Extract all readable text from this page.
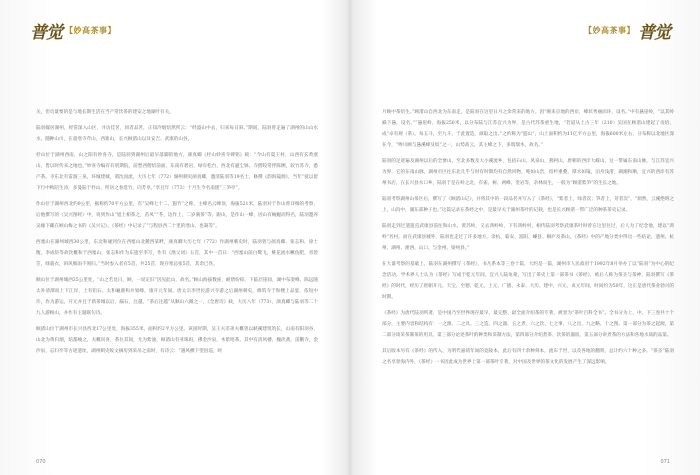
普觉 【妙高茶事】

关，但贡量要的是与地长期生活在当产常饮茶的建安之地湖叶有关。

陆羽嫁居湖州，经常深入山区，寻访佳茗，同者品茗，正知冷烟焙然所云：“经盛山中去，归来每日斜。”期间，陆羽曾走遍了湖州的山山水水，随种山川，在童寒寺芹山，西寨山，长兴顾渚山以及安吉、武康的山谷。

杼山位于湖州西南，山之阳有妙喜寺，是陆羽到湖州后最早落脚的地方，颜真卿《杼山妙喜寺碑铭》载：“今山有夏王村，山西有玄黄塞山，皆以时传来之地也。”妙喜寺编有有别期院，前塑西僧焙前面，东南有碧岩，绿有松台，西北有避尘钵。寺僧皎常伴陈侧，较竹苏寺，悉产茶。寺东北有雷涸三泉，环城建城，谓沈而流，大历七年（772）湖州刺史颜真卿，邀清陆羽等19名士，修撰《韵海镜源》，当年“爱以留下行中秋陪生涛，多曼陆于杼山，所居之春选竹。向芳阜，”享且年（773）十月生今名南建“三笋亭”。

作山位于湖州西北约9公里，据称约70平方公里，有“吴峰七十二，遐竹”之称，主峰名云峰顶，海拔521米，陆羽对于作山曾详细的考察，后他撰写的《吴兴图经》中，说到作山“旭士相茶之，苗凤”“苓，边作上，二岁满茶”等。跟山，是作山一峰，因山有蜿蜒而得名，陆羽邀养吴缘下藏在顾山梅之书的《吴兴记》。《茶经》中记录了“与程县西二十里的寒山、也凝等”。

西塞山在湖州城西30公里，东北和碰到位在西塞山北麓西某畔，颜真卿大历七年（772）作湖州刺史时，陆羽曾与颜真卿、张志和、徐士衡，李成矩等故饮概和于西塞山，张志和作为东遗至李写，作有《渔父词》五首，其中一首日：“西塞山前白鹭飞，桃花流水鳜鱼肥，青箬笠，绿蓑衣，斜风细雨不须归。”当时参入者有5首，共25首，现存寒总张5首，其余已佚。

顾山位于湖州城西35公里处，“山之若見曰，顾，一说定旧”因见此山，故名。”顾山海拔数座，峡碧纷掠，下临层崖间，湖中布澄峰，陈远随太补清潭而上下江岸，上有铅石，太和龜鹿和并划峰，康开元年间，唐太宗李世民游兴寺游之后湖州刺史，修筑寺于和楼上品宴，依短中许，作为游运，开元并且于新茶城以后，漏石，注越，“茶后注越”从顺山六阁之一，《全唐诗》载，大历八年（773），颜真卿与陆羽等二十九人游顾山，并作有主题联句诗。

顾渚山位于湖州市长兴县西北17公里处，海拔355米，面积约2平方公里。该国时期，吴王夫差弟夫概曾以峡溪建筑筑长，山南有阳羽谷，山北为黄归烟，焙都峻之，夫概问喜，茶住其间，尤为紫油，顾渚山有亚珠吗，佛金沙泉，木紫唔茶。其中有清风楼，槐淡斋，雷鹏寺，金沙泉，忘归亭等古迹遗址，湖州刺史蛟文摘房到采吊之南时，有诗云：“遇风横下望因巡，时

070
【妙高茶事】 普觉

月映中茶焙生。”顾渚山自西北为东南走，是陆羽在这里日月之余常来的地方。因“刚来京地的西岸，峰状秀丽而环，设名。”中有悬崖岭，“以其岭巅下悬，设名。”“悬崖岭，海拔250米，以分布陆与江苏宜兴为界，是古代苏茶重生地，“若道从上古三年（210）吴国在顾渚山建起了贡焙，成”卓有规（茶）。每五斗，至九斗，于此置造，颜取之出。”之约称为“遐山”，山上面积约为11亿平方公里，海拔600米左右，分布称以北地区深在今，“哞川顾与悬溪峰及坂”之一，山势高云，其主峰之下，多瑞瑞木，故名。”

陆羽的足迹遍及湖州以后的全要山，至北多数及大小溪流乡，包括石山，风泉山，燕阿山，唐朝的西岸大嵘山，这一带属东南山脉，与江苏宜兴为界，它的东南山脉，湖州市区往东北几乎与时有时期均有自然风物，吨如山峦，焙杉重叠，潭水如镜，泊舟浅渚，湖湘和顺，宜兴的西岸有苏州书店，在长兴县水口乡，陆羽于是在岭之北，有雀、树、两峰、奎岩等，杂林而生，一般为“顾渚紫笋”的生长之地。

陆羽考察湖州山茶区后，撰写了《顾渚山记》，并将其中的一段品茗并写入了《茶经》，“紫者上，绿者次；笋者上，芽者次”，“洞然，云溪绝明之上，山沟中，湖东部种子也。”这篇记录在茶经之中，是最早关于湖州茶叶的记载，也是长兴顾渚一带广泛的种茶茶史记录。

陆羽走到过遗遗直武康县前往和山水，黄苏岭，又去鸿岭岭，下有鸿岭村，相传陆羽考察武康茶叶时曾在这里住过，后人为了纪念他，建以“鸿岭”名村。而在武康县城外，陆羽也走过了许多地方，余杭、临安、富阳、嵊县、桐庐及茶山，《茶经》中的产地分类中得出一些结论，遗州、杭州、湖州、浙西、山口、与金州、梁州县。”

在大量考察的基础上，陆羽在湖州撰写《茶经》，书凡系本等三卷十篇，大约是一篇，湖州市人民政府于1992年8月举办了以“陆羽”为中心的纪念活动，学术界人士认为《茶经》写成于乾元年间，宜兴人陆龟蒙，写出了茶史上第一部茶书《茶经》，被后人称为茶圣与茶神，陆羽撰写《茶经》的时代，经历了唐朝开元、天宝、至德、乾元、上元、广德、永泰、大历、建中、兴元、贞元年间，时间约为50年，这正是唐代茶业勃兴的时期。

《茶经》为唐代陆羽所著，是中国乃至世界现存最早、最完整、最全面介绍茶的专著，被誉为“茶叶百科全书”。全书分为上、中、下三卷共十个部分，主要内容和结构有：一之源、二之具、三之造、四之器、五之煮、六之饮、七之事、八之出、九之略、十之图。第一部分为茶之起源，第二部分谈采茶制茶的用具，第三部分论述茶叶的种类和采制方法，第四部分介绍煮茶、饮茶的器皿，第五部分讲煮茶的方法和各地水质的品第。

其后版本另有《茶经》的传入，为明代嘉靖年间的竟陵本，此后有四十余种刻本，流布于世，以及各地的翻刻，总计约六十种之多。“茶圣”陆羽之名享誉海内外，《茶经》一书因此成为世界上第一部茶叶专著，对中国及世界的茶文化的发展产生了深远影响。

071
